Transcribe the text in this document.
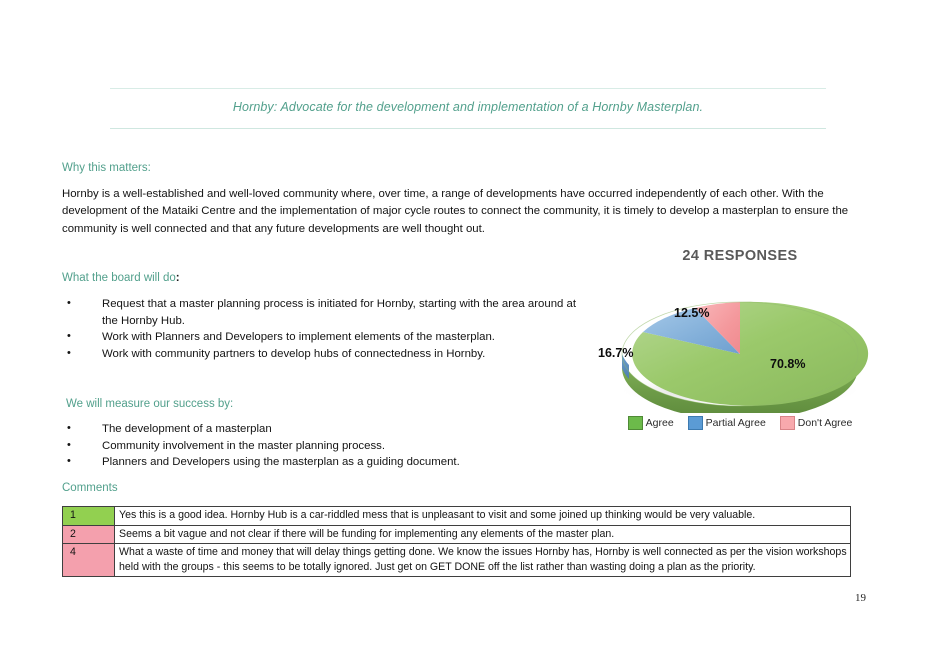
Hornby: Advocate for the development and implementation of a Hornby Masterplan.
Why this matters:
Hornby is a well-established and well-loved community where, over time, a range of developments have occurred independently of each other. With the development of the Mataiki Centre and the implementation of major cycle routes to connect the community, it is timely to develop a masterplan to ensure the community is well connected and that any future developments are well thought out.
What the board will do:
• Request that a master planning process is initiated for Hornby, starting with the area around at the Hornby Hub.
• Work with Planners and Developers to implement elements of the masterplan.
• Work with community partners to develop hubs of connectedness in Hornby.
We will measure our success by:
• The development of a masterplan
• Community involvement in the master planning process.
• Planners and Developers using the masterplan as a guiding document.
Comments
24 RESPONSES
70.8%
16.7%
12.5%
Agree	Partial Agree	Don't Agree
1	Yes this is a good idea. Hornby Hub is a car-riddled mess that is unpleasant to visit and some joined up thinking would be very valuable.
2	Seems a bit vague and not clear if there will be funding for implementing any elements of the master plan.
4	What a waste of time and money that will delay things getting done. We know the issues Hornby has, Hornby is well connected as per the vision workshops held with the groups - this seems to be totally ignored. Just get on GET DONE off the list rather than wasting doing a plan as the priority.
19
